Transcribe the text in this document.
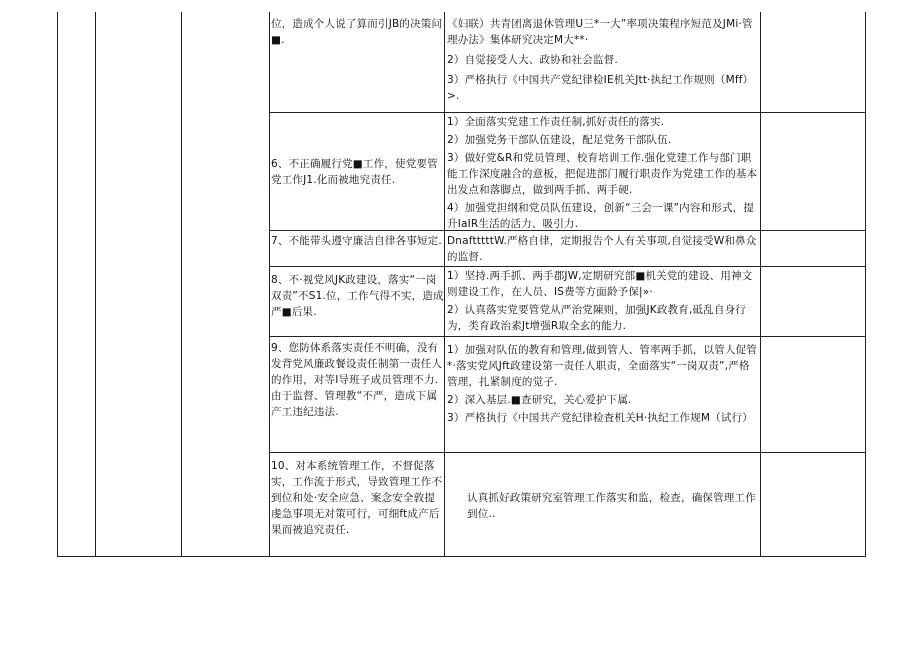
位，造成个人说了算而引JB的决策问■.
《妇联）共青团离退休管理U三*一大”率项决策程序短范及JMi·管理办法》集体研究决定M大**·
2）自觉接受人大、政协和社会监督.
3）严格执行《中国共产党纪律检IE机关Jtt·执纪工作规则（Mff）>.
6、不正确履行党■工作，使党要管党工作J1.化而被地究责任.
1）全面落实党建工作责任制,抓好责任的落实.
2）加强党务干部队伍建设，配足党务干部队伍.
3）做好党&R和党员管理、校育培训工作.强化党建工作与部门职能工作深度融合的意板，把促进部门履行职责作为党建工作的基本出发点和落脚点，做到两手抓、两手硬.
4）加强党担纲和党员队伍建设，创新“三会一课”内容和形式，提升IaIR生活的活力、吸引力.
7、不能带头遵守廉洁自律各事短定. DnaftttttW.严格自律，定期报告个人有关事项,自觉接受W和鼻众的监督.
8、不·视党风JK政建设，落实“一岗双责”不S1.位，工作气得不实，造成严■后果.
1）坚持.两手抓、两手郡JW,定期研究部■机关党的建设、用神文则建设工作，在人员、IS费等方面龄予保|»·
2）认真落实党要管党从严治党陳则，加强JK政教育,砥乱自身行为，类育政治素Jt增强R取全玄的能力.
9、您防体系落实责任不明确，没有发背党风廉政餐设责任制第一责任人的作用，对等I导班子成员管理不力.由于监督、管理教“不严，造成下属产工违纪违法.
1）加强对队伍的教育和管理,做到管人、管率两手抓，以管人促管*·落实党风Jft政建设第一责任人职责，全面落实“一岗双责”,严格管理，扎紧制度的觉子.
2）深入基层.■查研究，关心爱护下属.
3）严格执行《中国共产党纪律检査机关H·执纪工作规M（试行）
10、对本系统管理工作，不督促落实，工作流于形式，导致管理工作不到位和处·安全应急、案念安全敦提虔急事项无对策可行，可细ft成产后果而被追究责任.
认真抓好政策研究室管理工作落实和监，检查，确保管理工作到位..
